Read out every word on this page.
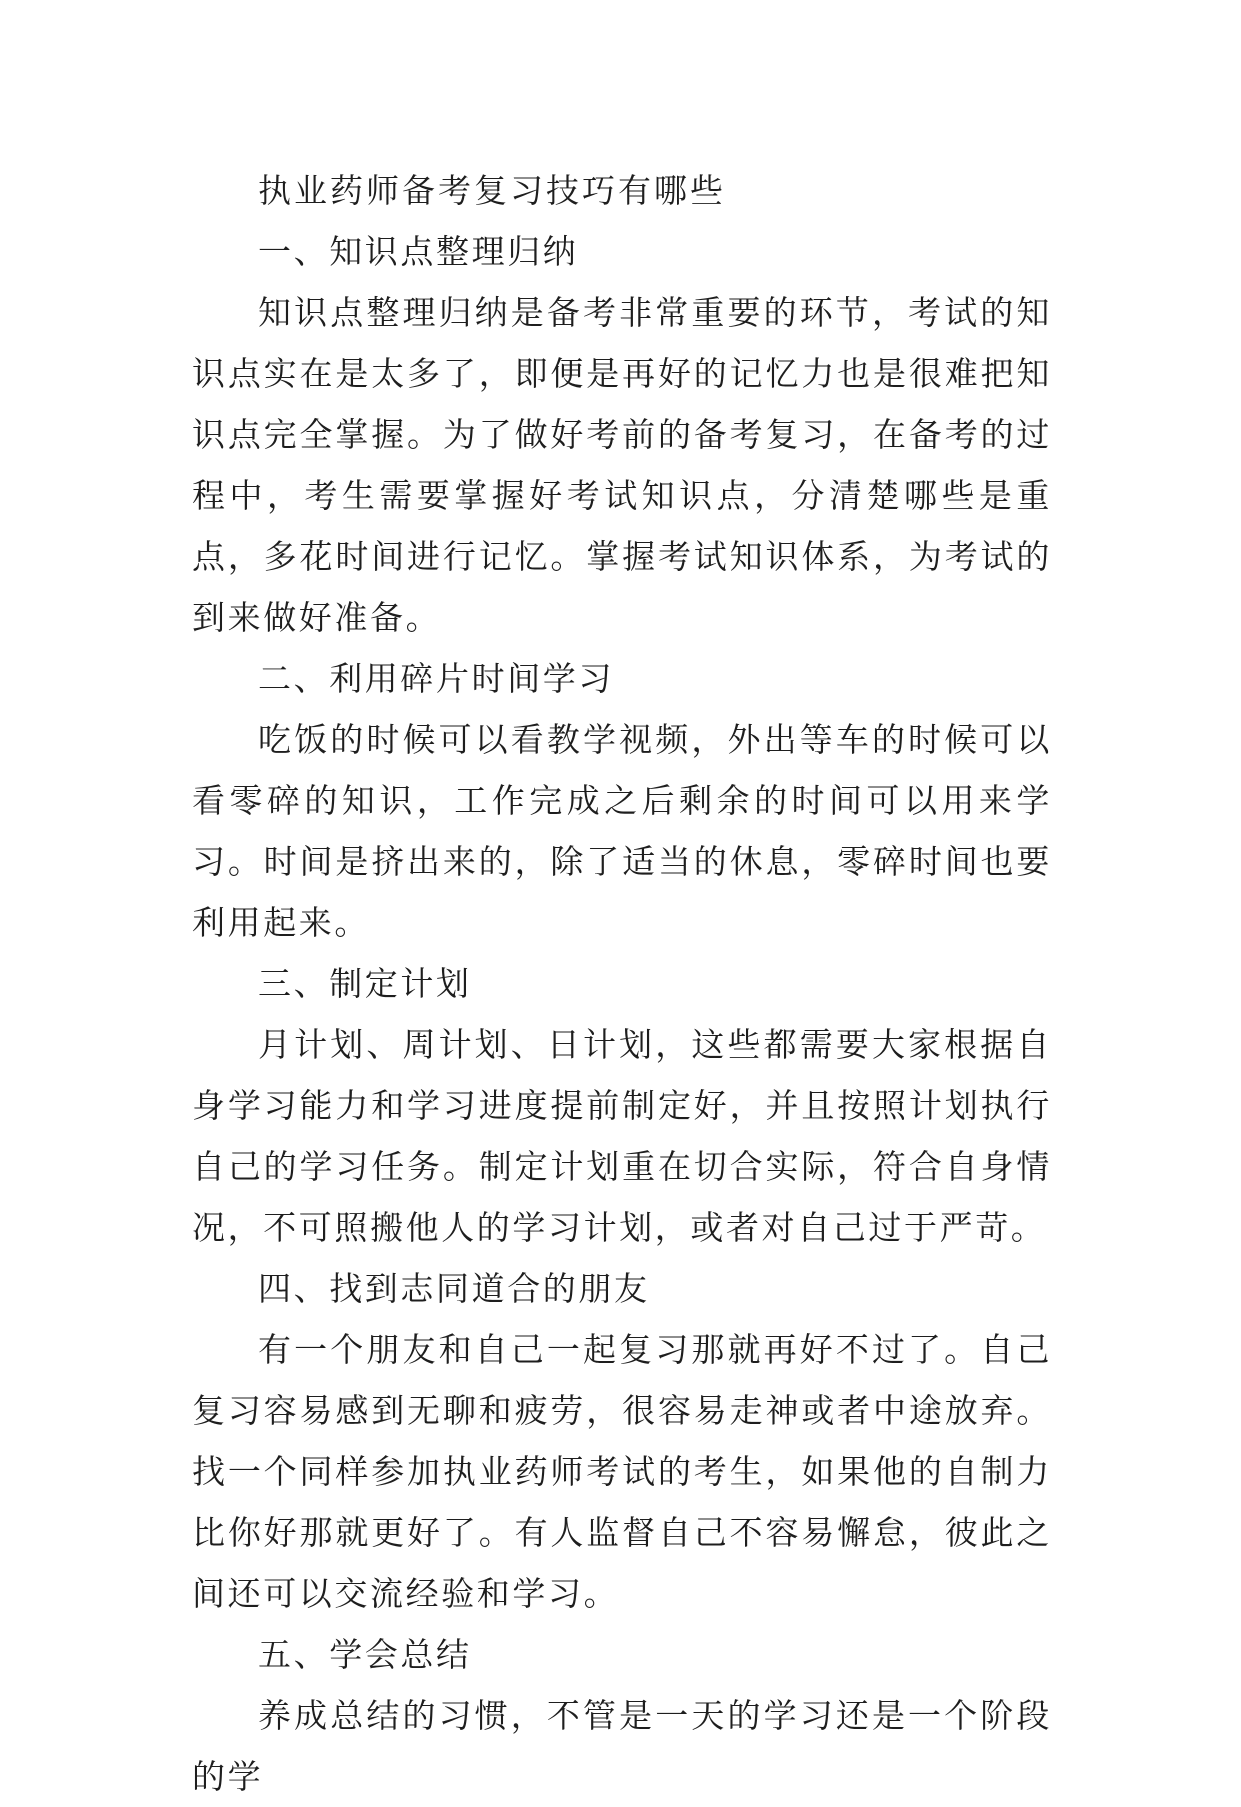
执业药师备考复习技巧有哪些

一、知识点整理归纳

知识点整理归纳是备考非常重要的环节，考试的知识点实在是太多了，即便是再好的记忆力也是很难把知识点完全掌握。为了做好考前的备考复习，在备考的过程中，考生需要掌握好考试知识点，分清楚哪些是重点，多花时间进行记忆。掌握考试知识体系，为考试的到来做好准备。

二、利用碎片时间学习

吃饭的时候可以看教学视频，外出等车的时候可以看零碎的知识，工作完成之后剩余的时间可以用来学习。时间是挤出来的，除了适当的休息，零碎时间也要利用起来。

三、制定计划

月计划、周计划、日计划，这些都需要大家根据自身学习能力和学习进度提前制定好，并且按照计划执行自己的学习任务。制定计划重在切合实际，符合自身情况，不可照搬他人的学习计划，或者对自己过于严苛。

四、找到志同道合的朋友

有一个朋友和自己一起复习那就再好不过了。自己复习容易感到无聊和疲劳，很容易走神或者中途放弃。找一个同样参加执业药师考试的考生，如果他的自制力比你好那就更好了。有人监督自己不容易懈怠，彼此之间还可以交流经验和学习。

五、学会总结

养成总结的习惯，不管是一天的学习还是一个阶段的学
